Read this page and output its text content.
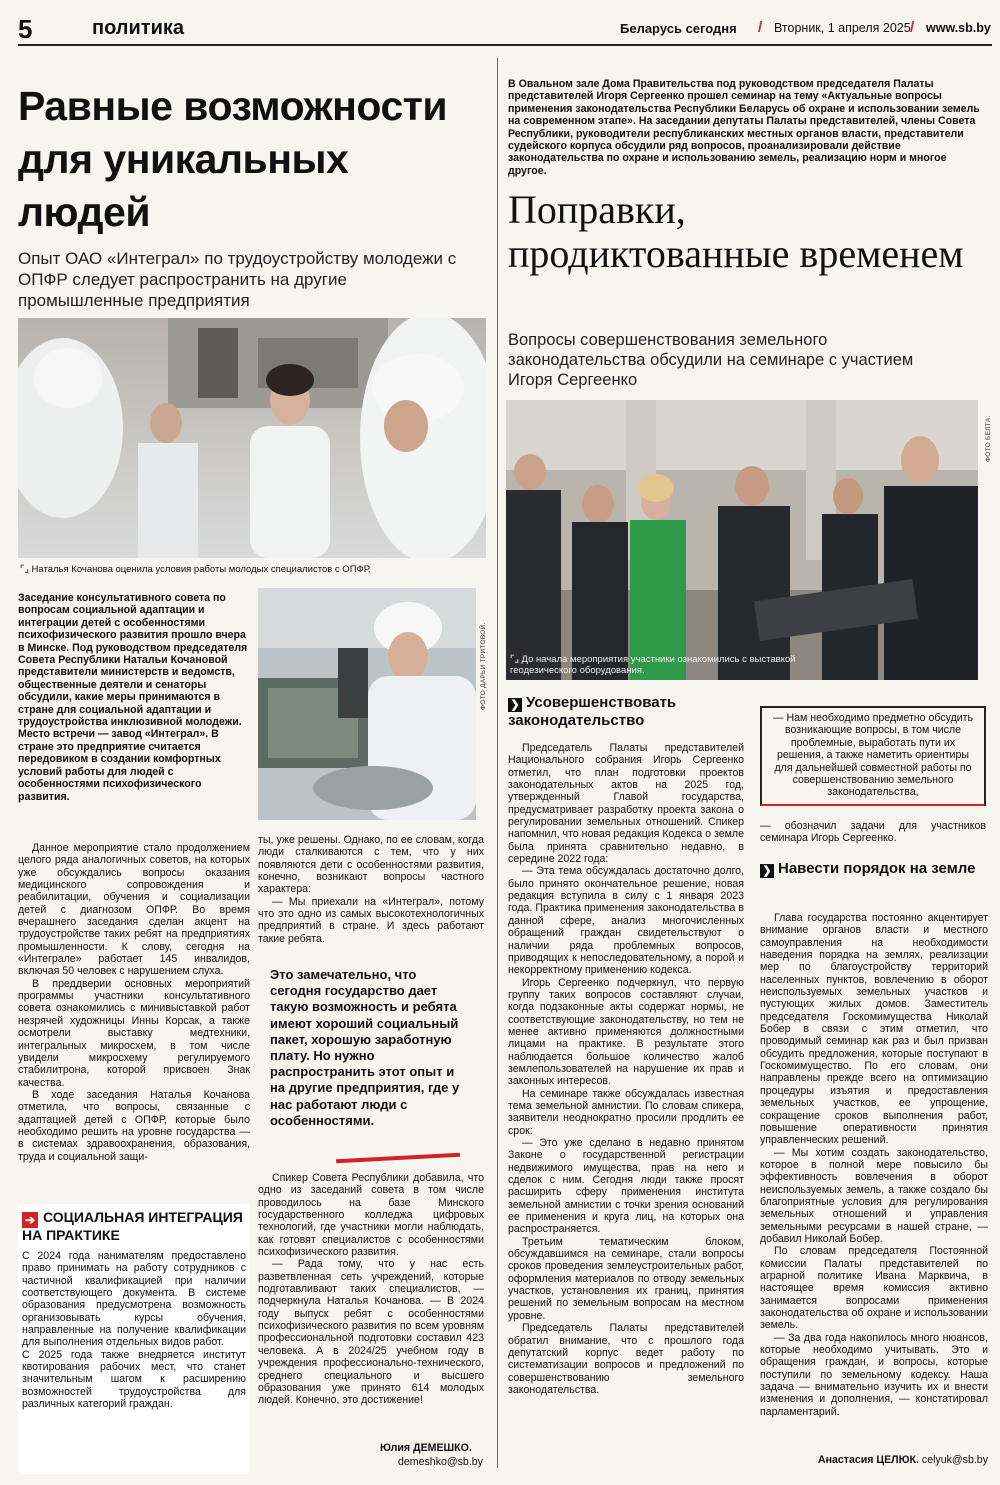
5	политика	Беларусь сегодня / Вторник, 1 апреля 2025 / www.sb.by
Равные возможности для уникальных людей
Опыт ОАО «Интеграл» по трудоустройству молодежи с ОПФР следует распространить на другие промышленные предприятия
⌜⌟ Наталья Кочанова оценила условия работы молодых специалистов с ОПФР.
Заседание консультативного совета по вопросам социальной адаптации и интеграции детей с особенностями психофизического развития прошло вчера в Минске. Под руководством председателя Совета Республики Натальи Кочановой представители министерств и ведомств, общественные деятели и сенаторы обсудили, какие меры принимаются в стране для социальной адаптации и трудоустройства инклюзивной молодежи. Место встречи — завод «Интеграл». В стране это предприятие считается передовиком в создании комфортных условий работы для людей с особенностями психофизического развития.
ФОТО ДАРЬИ ТРИТОВОЙ.

Данное мероприятие стало продолжением целого ряда аналогичных советов, на которых уже обсуждались вопросы оказания медицинского сопровождения и реабилитации, обучения и социализации детей с диагнозом ОПФР. Во время вчерашнего заседания сделан акцент на трудоустройстве таких ребят на предприятиях промышленности. К слову, сегодня на «Интеграле» работает 145 инвалидов, включая 50 человек с нарушением слуха.

В преддверии основных мероприятий программы участники консультативного совета ознакомились с минивыставкой работ незрячей художницы Инны Корсак, а также осмотрели выставку медтехники, интегральных микросхем, в том числе увидели микросхему регулируемого стабилитрона, которой присвоен Знак качества.

В ходе заседания Наталья Кочанова отметила, что вопросы, связанные с адаптацией детей с ОПФР, которые было необходимо решить на уровне государства — в системах здравоохранения, образования, труда и социальной защи-

ты, уже решены. Однако, по ее словам, когда люди сталкиваются с тем, что у них появляются дети с особенностями развития, конечно, возникают вопросы частного характера:

— Мы приехали на «Интеграл», потому что это одно из самых высокотехнологичных предприятий в стране. И здесь работают такие ребята.

Это замечательно, что сегодня государство дает такую возможность и ребята имеют хороший социальный пакет, хорошую заработную плату. Но нужно распространить этот опыт и на другие предприятия, где у нас работают люди с особенностями.

Спикер Совета Республики добавила, что одно из заседаний совета в том числе проводилось на базе Минского государственного колледжа цифровых технологий, где участники могли наблюдать, как готовят специалистов с особенностями психофизического развития.

— Рада тому, что у нас есть разветвленная сеть учреждений, которые подготавливают таких специалистов, — подчеркнула Наталья Кочанова. — В 2024 году выпуск ребят с особенностями психофизического развития по всем уровням профессиональной подготовки составил 423 человека. А в 2024/25 учебном году в учреждения профессионально-технического, среднего специального и высшего образования уже принято 614 молодых людей. Конечно, это достижение!

Юлия ДЕМЕШКО.
demeshko@sb.by
➔ СОЦИАЛЬНАЯ ИНТЕГРАЦИЯ НА ПРАКТИКЕ

С 2024 года нанимателям предоставлено право принимать на работу сотрудников с частичной квалификацией при наличии соответствующего документа. В системе образования предусмотрена возможность организовывать курсы обучения, направленные на получение квалификации для выполнения отдельных видов работ.

С 2025 года также внедряется институт квотирования рабочих мест, что станет значительным шагом к расширению возможностей трудоустройства для различных категорий граждан.

В Овальном зале Дома Правительства под руководством председателя Палаты представителей Игоря Сергеенко прошел семинар на тему «Актуальные вопросы применения законодательства Республики Беларусь об охране и использовании земель на современном этапе». На заседании депутаты Палаты представителей, члены Совета Республики, руководители республиканских местных органов власти, представители судейского корпуса обсудили ряд вопросов, проанализировали действие законодательства по охране и использованию земель, реализацию норм и многое другое.
Поправки, продиктованные временем
Вопросы совершенствования земельного законодательства обсудили на семинаре с участием Игоря Сергеенко
ФОТО БЕЛТА.
⌜⌟ До начала мероприятия участники ознакомились с выставкой геодезического оборудования.
❯ Усовершенствовать законодательство

Председатель Палаты представителей Национального собрания Игорь Сергеенко отметил, что план подготовки проектов законодательных актов на 2025 год, утвержденный Главой государства, предусматривает разработку проекта закона о регулировании земельных отношений. Спикер напомнил, что новая редакция Кодекса о земле была принята сравнительно недавно, в середине 2022 года:

— Эта тема обсуждалась достаточно долго, было принято окончательное решение, новая редакция вступила в силу с 1 января 2023 года. Практика применения законодательства в данной сфере, анализ многочисленных обращений граждан свидетельствуют о наличии ряда проблемных вопросов, приводящих к непоследовательному, а порой и некорректному применению кодекса.

Игорь Сергеенко подчеркнул, что первую группу таких вопросов составляют случаи, когда подзаконные акты содержат нормы, не соответствующие законодательству, но тем не менее активно применяются должностными лицами на практике. В результате этого наблюдается большое количество жалоб землепользователей на нарушение их прав и законных интересов.

На семинаре также обсуждалась известная тема земельной амнистии. По словам спикера, заявители неоднократно просили продлить ее срок:

— Это уже сделано в недавно принятом Законе о государственной регистрации недвижимого имущества, прав на него и сделок с ним. Сегодня люди также просят расширить сферу применения института земельной амнистии с точки зрения оснований ее применения и круга лиц, на которых она распространяется.

Третьим тематическим блоком, обсуждавшимся на семинаре, стали вопросы сроков проведения землеустроительных работ, оформления материалов по отводу земельных участков, установления их границ, принятия решений по земельным вопросам на местном уровне.

Председатель Палаты представителей обратил внимание, что с прошлого года депутатский корпус ведет работу по систематизации вопросов и предложений по совершенствованию земельного законодательства.

— Нам необходимо предметно обсудить возникающие вопросы, в том числе проблемные, выработать пути их решения, а также наметить ориентиры для дальнейшей совместной работы по совершенствованию земельного законодательства,
— обозначил задачи для участников семинара Игорь Сергеенко.
❯ Навести порядок на земле

Глава государства постоянно акцентирует внимание органов власти и местного самоуправления на необходимости наведения порядка на землях, реализации мер по благоустройству территорий населенных пунктов, вовлечению в оборот неиспользуемых земельных участков и пустующих жилых домов. Заместитель председателя Госкомимущества Николай Бобер в связи с этим отметил, что проводимый семинар как раз и был призван обсудить предложения, которые поступают в Госкомимущество. По его словам, они направлены прежде всего на оптимизацию процедуры изъятия и предоставления земельных участков, ее упрощение, сокращение сроков выполнения работ, повышение оперативности принятия управленческих решений.

— Мы хотим создать законодательство, которое в полной мере повысило бы эффективность вовлечения в оборот неиспользуемых земель, а также создало бы благоприятные условия для регулирования земельных отношений и управления земельными ресурсами в нашей стране, — добавил Николай Бобер.

По словам председателя Постоянной комиссии Палаты представителей по аграрной политике Ивана Марквича, в настоящее время комиссия активно занимается вопросами применения законодательства об охране и использовании земель.

— За два года накопилось много нюансов, которые необходимо учитывать. Это и обращения граждан, и вопросы, которые поступили по земельному кодексу. Наша задача — внимательно изучить их и внести изменения и дополнения, — констатировал парламентарий.

Анастасия ЦЕЛЮК. celyuk@sb.by
